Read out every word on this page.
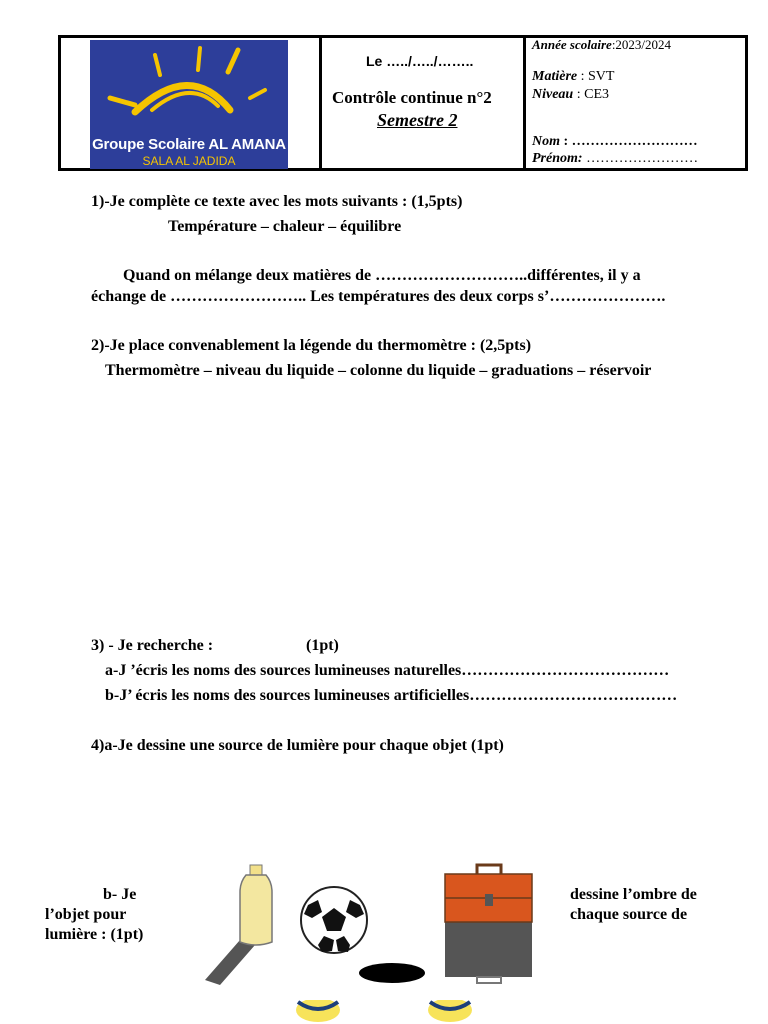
Groupe Scolaire AL AMANA
SALA AL JADIDA
Le …../…../……..
Contrôle continue n°2
Semestre 2
Année scolaire:2023/2024
Matière : SVT
Niveau : CE3
Nom : ………………………
Prénom: ……………………
1)-Je complète ce texte avec les mots suivants : (1,5pts)
Température – chaleur – équilibre
Quand on mélange deux matières de ………………………..différentes, il y a
échange de …………………….. Les températures des deux corps s’………………….
2)-Je place convenablement la légende du thermomètre : (2,5pts)
Thermomètre – niveau du liquide – colonne du liquide – graduations – réservoir
3) - Je recherche :	(1pt)
a-J ’écris les noms des sources lumineuses naturelles…………………………………
b-J’ écris les noms des sources lumineuses artificielles…………………………………
4)a-Je dessine une source de lumière pour chaque objet (1pt)
b- Je
l’objet pour
lumière : (1pt)
dessine l’ombre de
chaque source de
